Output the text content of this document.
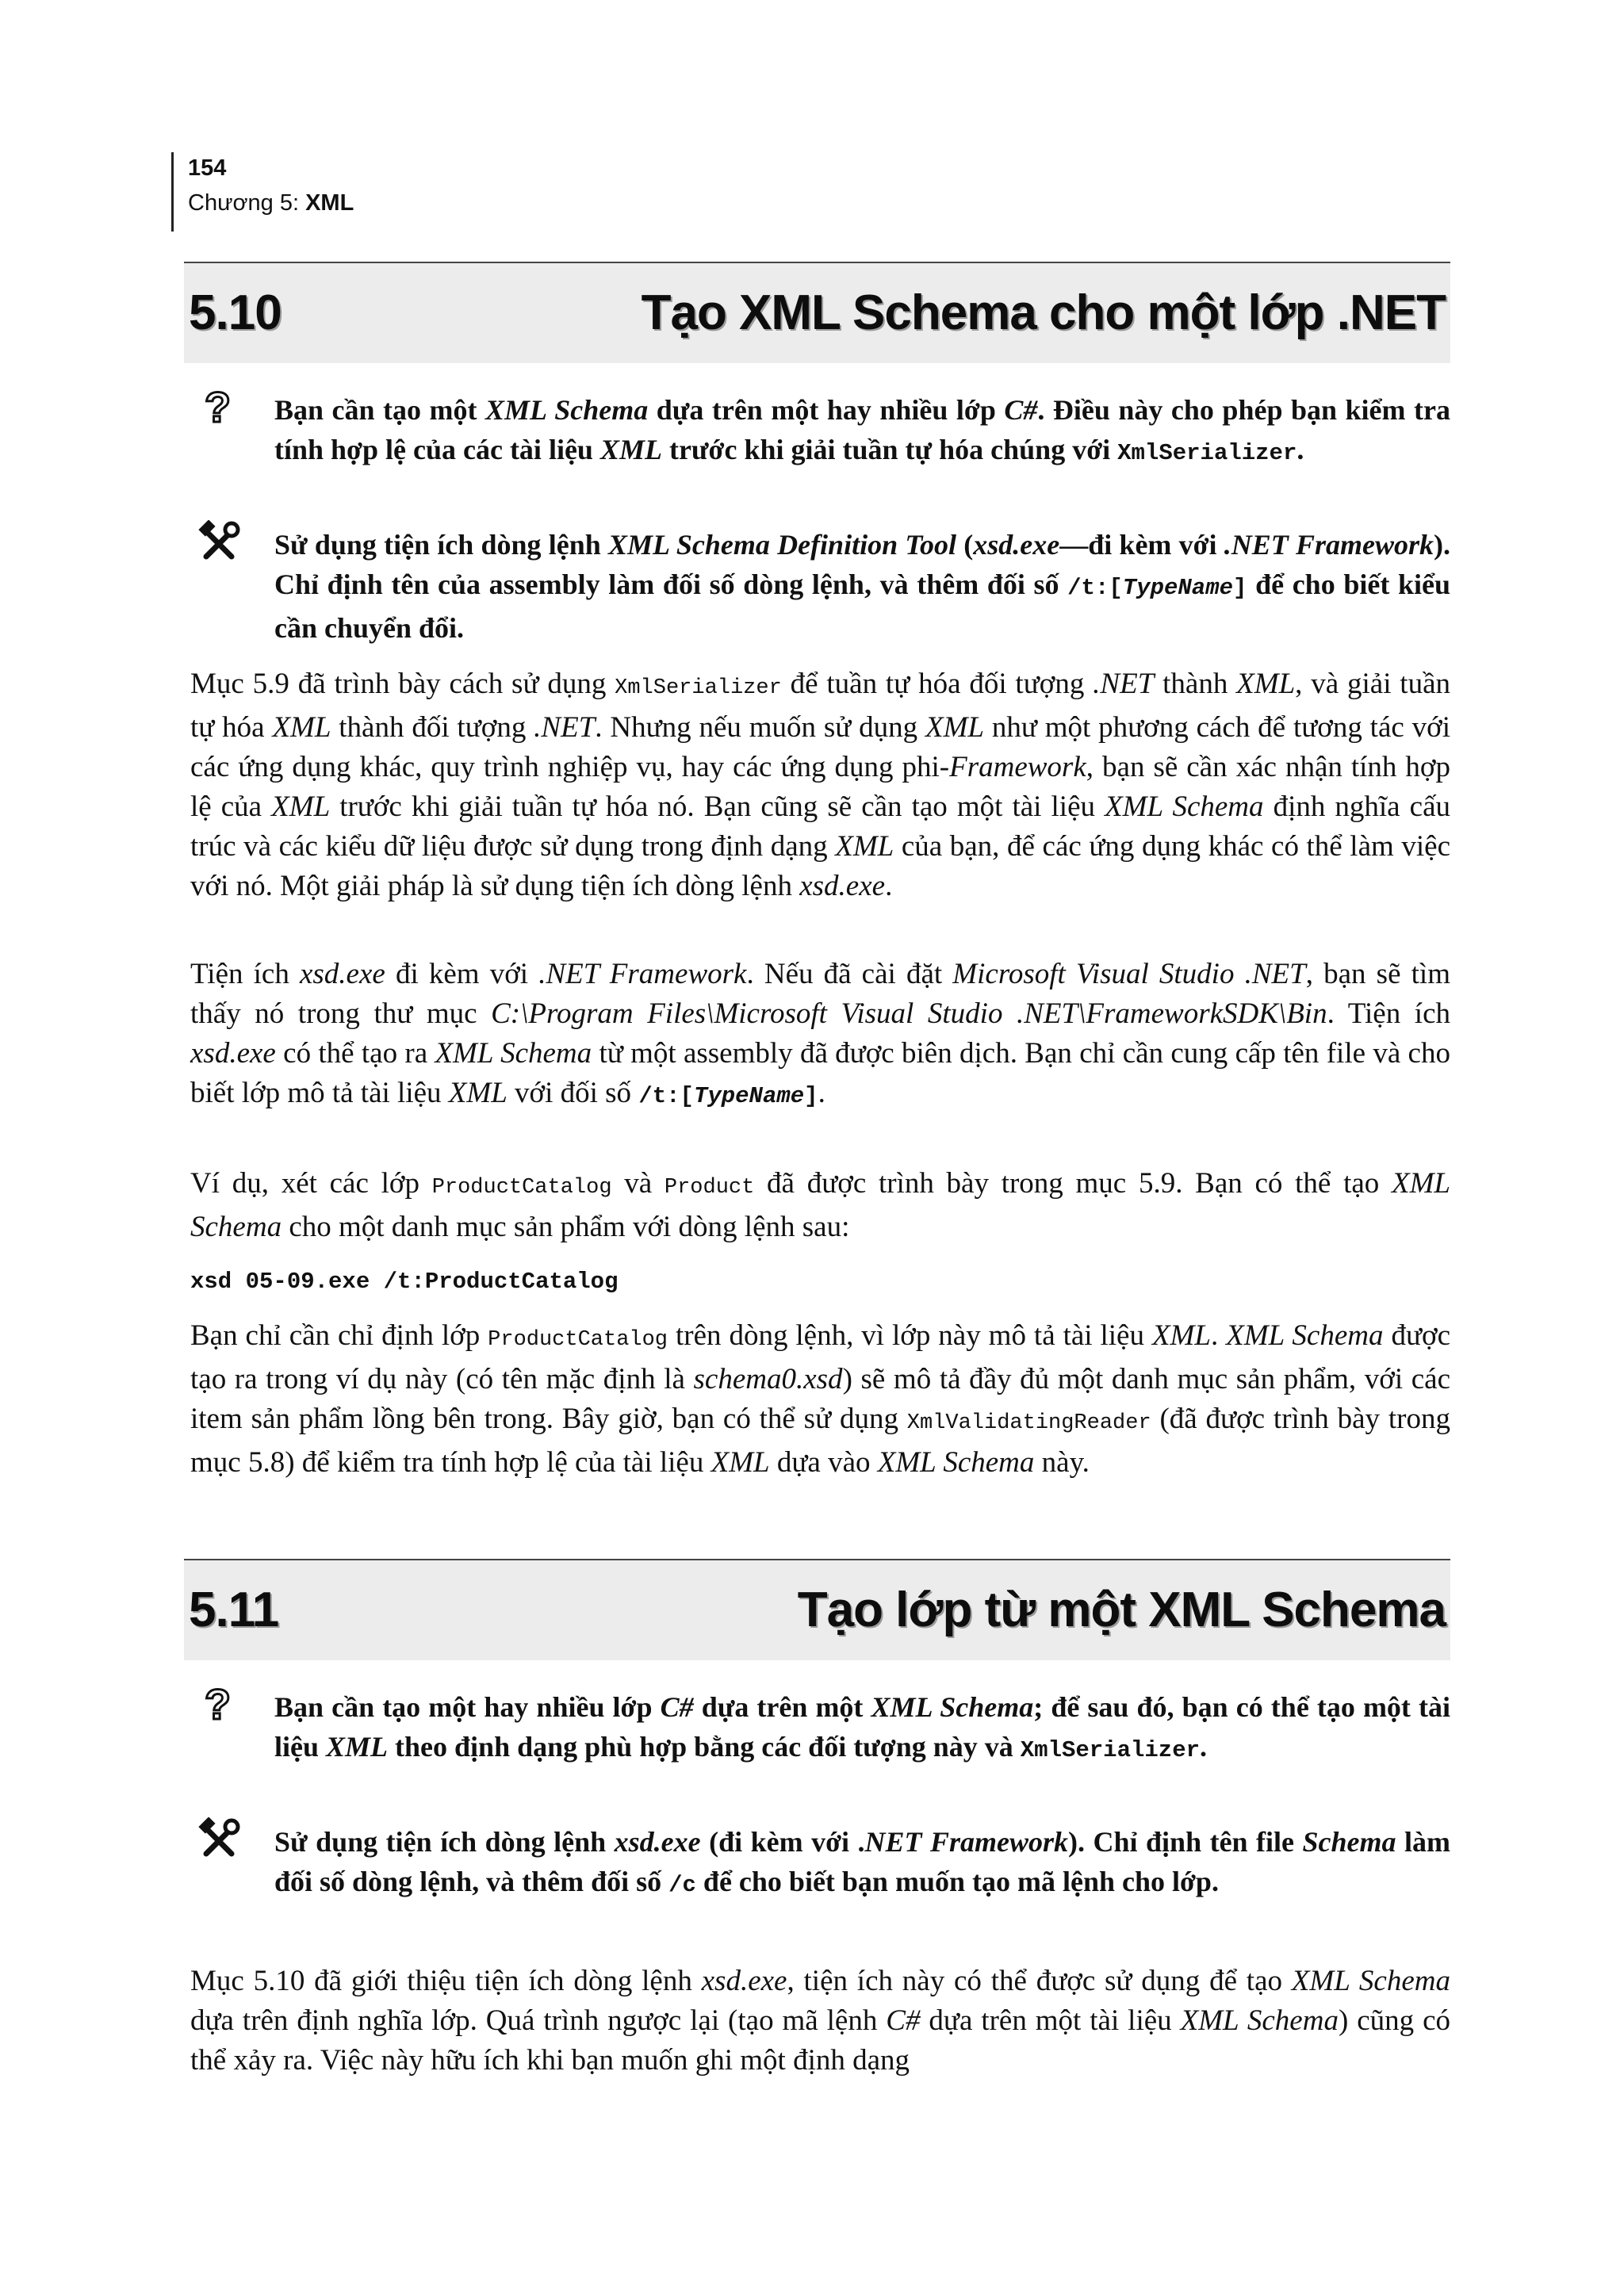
154
Chương 5: XML
5.10	Tạo XML Schema cho một lớp .NET
? Bạn cần tạo một XML Schema dựa trên một hay nhiều lớp C#. Điều này cho phép bạn kiểm tra tính hợp lệ của các tài liệu XML trước khi giải tuần tự hóa chúng với XmlSerializer.

Sử dụng tiện ích dòng lệnh XML Schema Definition Tool (xsd.exe—đi kèm với .NET Framework). Chỉ định tên của assembly làm đối số dòng lệnh, và thêm đối số /t:[TypeName] để cho biết kiểu cần chuyển đổi.

Mục 5.9 đã trình bày cách sử dụng XmlSerializer để tuần tự hóa đối tượng .NET thành XML, và giải tuần tự hóa XML thành đối tượng .NET. Nhưng nếu muốn sử dụng XML như một phương cách để tương tác với các ứng dụng khác, quy trình nghiệp vụ, hay các ứng dụng phi-Framework, bạn sẽ cần xác nhận tính hợp lệ của XML trước khi giải tuần tự hóa nó. Bạn cũng sẽ cần tạo một tài liệu XML Schema định nghĩa cấu trúc và các kiểu dữ liệu được sử dụng trong định dạng XML của bạn, để các ứng dụng khác có thể làm việc với nó. Một giải pháp là sử dụng tiện ích dòng lệnh xsd.exe.

Tiện ích xsd.exe đi kèm với .NET Framework. Nếu đã cài đặt Microsoft Visual Studio .NET, bạn sẽ tìm thấy nó trong thư mục C:\Program Files\Microsoft Visual Studio .NET\FrameworkSDK\Bin. Tiện ích xsd.exe có thể tạo ra XML Schema từ một assembly đã được biên dịch. Bạn chỉ cần cung cấp tên file và cho biết lớp mô tả tài liệu XML với đối số /t:[TypeName].

Ví dụ, xét các lớp ProductCatalog và Product đã được trình bày trong mục 5.9. Bạn có thể tạo XML Schema cho một danh mục sản phẩm với dòng lệnh sau:

xsd 05-09.exe /t:ProductCatalog

Bạn chỉ cần chỉ định lớp ProductCatalog trên dòng lệnh, vì lớp này mô tả tài liệu XML. XML Schema được tạo ra trong ví dụ này (có tên mặc định là schema0.xsd) sẽ mô tả đầy đủ một danh mục sản phẩm, với các item sản phẩm lồng bên trong. Bây giờ, bạn có thể sử dụng XmlValidatingReader (đã được trình bày trong mục 5.8) để kiểm tra tính hợp lệ của tài liệu XML dựa vào XML Schema này.

5.11	Tạo lớp từ một XML Schema
? Bạn cần tạo một hay nhiều lớp C# dựa trên một XML Schema; để sau đó, bạn có thể tạo một tài liệu XML theo định dạng phù hợp bằng các đối tượng này và XmlSerializer.

Sử dụng tiện ích dòng lệnh xsd.exe (đi kèm với .NET Framework). Chỉ định tên file Schema làm đối số dòng lệnh, và thêm đối số /c để cho biết bạn muốn tạo mã lệnh cho lớp.

Mục 5.10 đã giới thiệu tiện ích dòng lệnh xsd.exe, tiện ích này có thể được sử dụng để tạo XML Schema dựa trên định nghĩa lớp. Quá trình ngược lại (tạo mã lệnh C# dựa trên một tài liệu XML Schema) cũng có thể xảy ra. Việc này hữu ích khi bạn muốn ghi một định dạng
